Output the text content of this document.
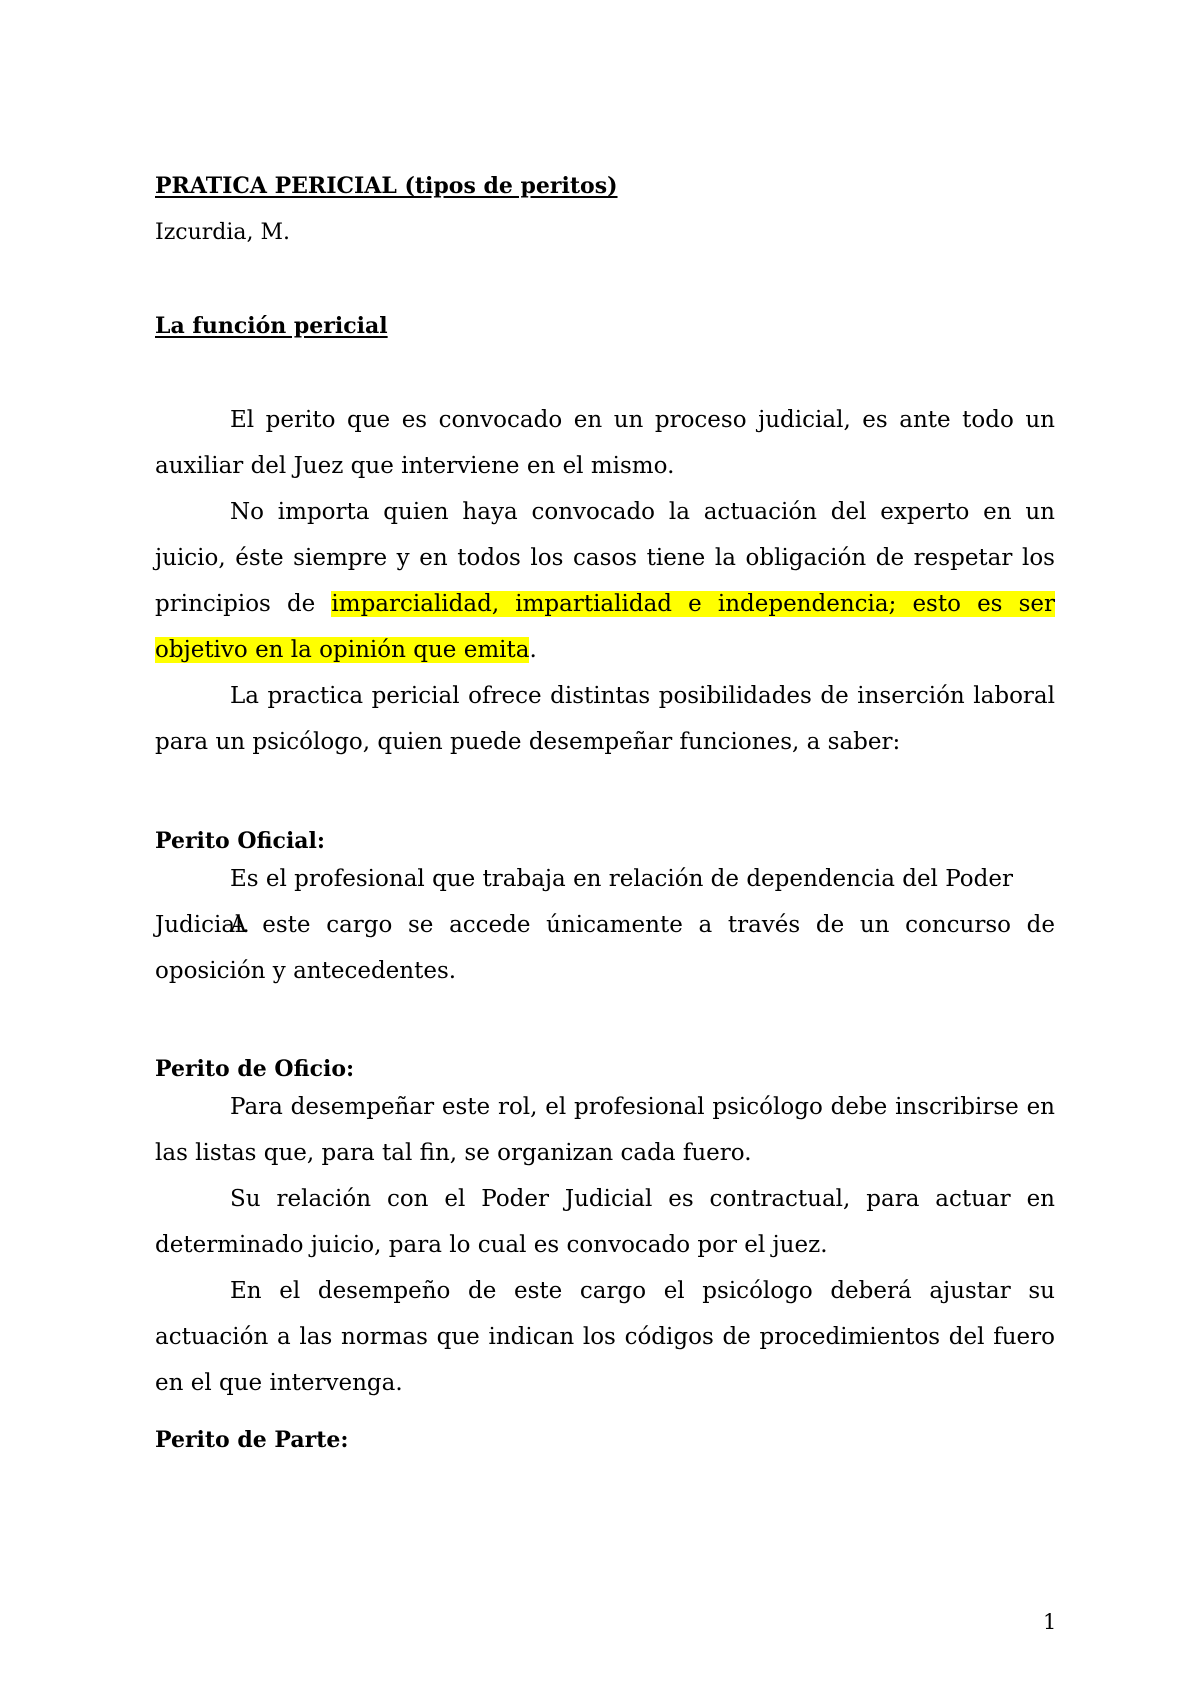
PRATICA PERICIAL (tipos de peritos)
Izcurdia, M.
La función pericial
El perito que es convocado en un proceso judicial, es ante todo un auxiliar del Juez que interviene en el mismo.
No importa quien haya convocado la actuación del experto en un juicio, éste siempre y en todos los casos tiene la obligación de respetar los principios de imparcialidad, impartialidad e independencia; esto es ser objetivo en la opinión que emita.
La practica pericial ofrece distintas posibilidades de inserción laboral para un psicólogo, quien puede desempeñar funciones, a saber:
Perito Oficial:
Es el profesional que trabaja en relación de dependencia del Poder Judicial.
A este cargo se accede únicamente a través de un concurso de oposición y antecedentes.
Perito de Oficio:
Para desempeñar este rol, el profesional psicólogo debe inscribirse en las listas que, para tal fin, se organizan cada fuero.
Su relación con el Poder Judicial es contractual, para actuar en determinado juicio, para lo cual es convocado por el juez.
En el desempeño de este cargo el psicólogo deberá ajustar su actuación a las normas que indican los códigos de procedimientos del fuero en el que intervenga.
Perito de Parte:
1
